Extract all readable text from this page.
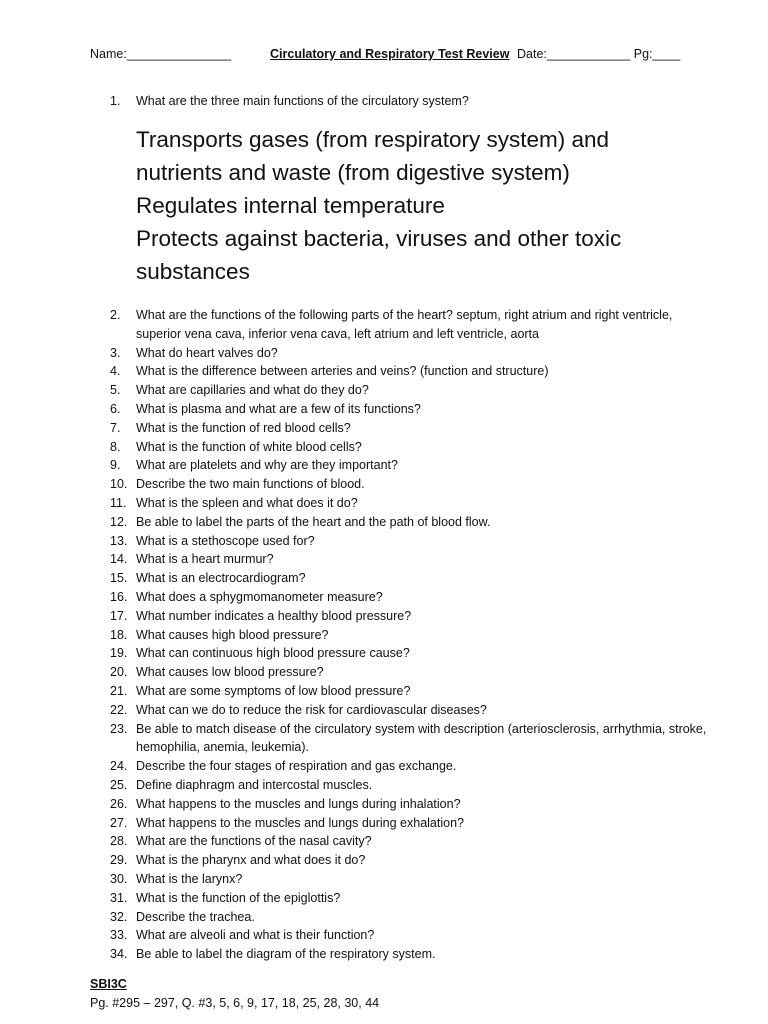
Name:_______________	Circulatory and Respiratory Test Review Date:____________ Pg:____
1. What are the three main functions of the circulatory system?
Transports gases (from respiratory system) and
nutrients and waste (from digestive system)
Regulates internal temperature
Protects against bacteria, viruses and other toxic
substances
2. What are the functions of the following parts of the heart? septum, right atrium and right ventricle, superior vena cava, inferior vena cava, left atrium and left ventricle, aorta
3. What do heart valves do?
4. What is the difference between arteries and veins? (function and structure)
5. What are capillaries and what do they do?
6. What is plasma and what are a few of its functions?
7. What is the function of red blood cells?
8. What is the function of white blood cells?
9. What are platelets and why are they important?
10. Describe the two main functions of blood.
11. What is the spleen and what does it do?
12. Be able to label the parts of the heart and the path of blood flow.
13. What is a stethoscope used for?
14. What is a heart murmur?
15. What is an electrocardiogram?
16. What does a sphygmomanometer measure?
17. What number indicates a healthy blood pressure?
18. What causes high blood pressure?
19. What can continuous high blood pressure cause?
20. What causes low blood pressure?
21. What are some symptoms of low blood pressure?
22. What can we do to reduce the risk for cardiovascular diseases?
23. Be able to match disease of the circulatory system with description (arteriosclerosis, arrhythmia, stroke, hemophilia, anemia, leukemia).
24. Describe the four stages of respiration and gas exchange.
25. Define diaphragm and intercostal muscles.
26. What happens to the muscles and lungs during inhalation?
27. What happens to the muscles and lungs during exhalation?
28. What are the functions of the nasal cavity?
29. What is the pharynx and what does it do?
30. What is the larynx?
31. What is the function of the epiglottis?
32. Describe the trachea.
33. What are alveoli and what is their function?
34. Be able to label the diagram of the respiratory system.
SBI3C
Pg. #295 – 297, Q. #3, 5, 6, 9, 17, 18, 25, 28, 30, 44
